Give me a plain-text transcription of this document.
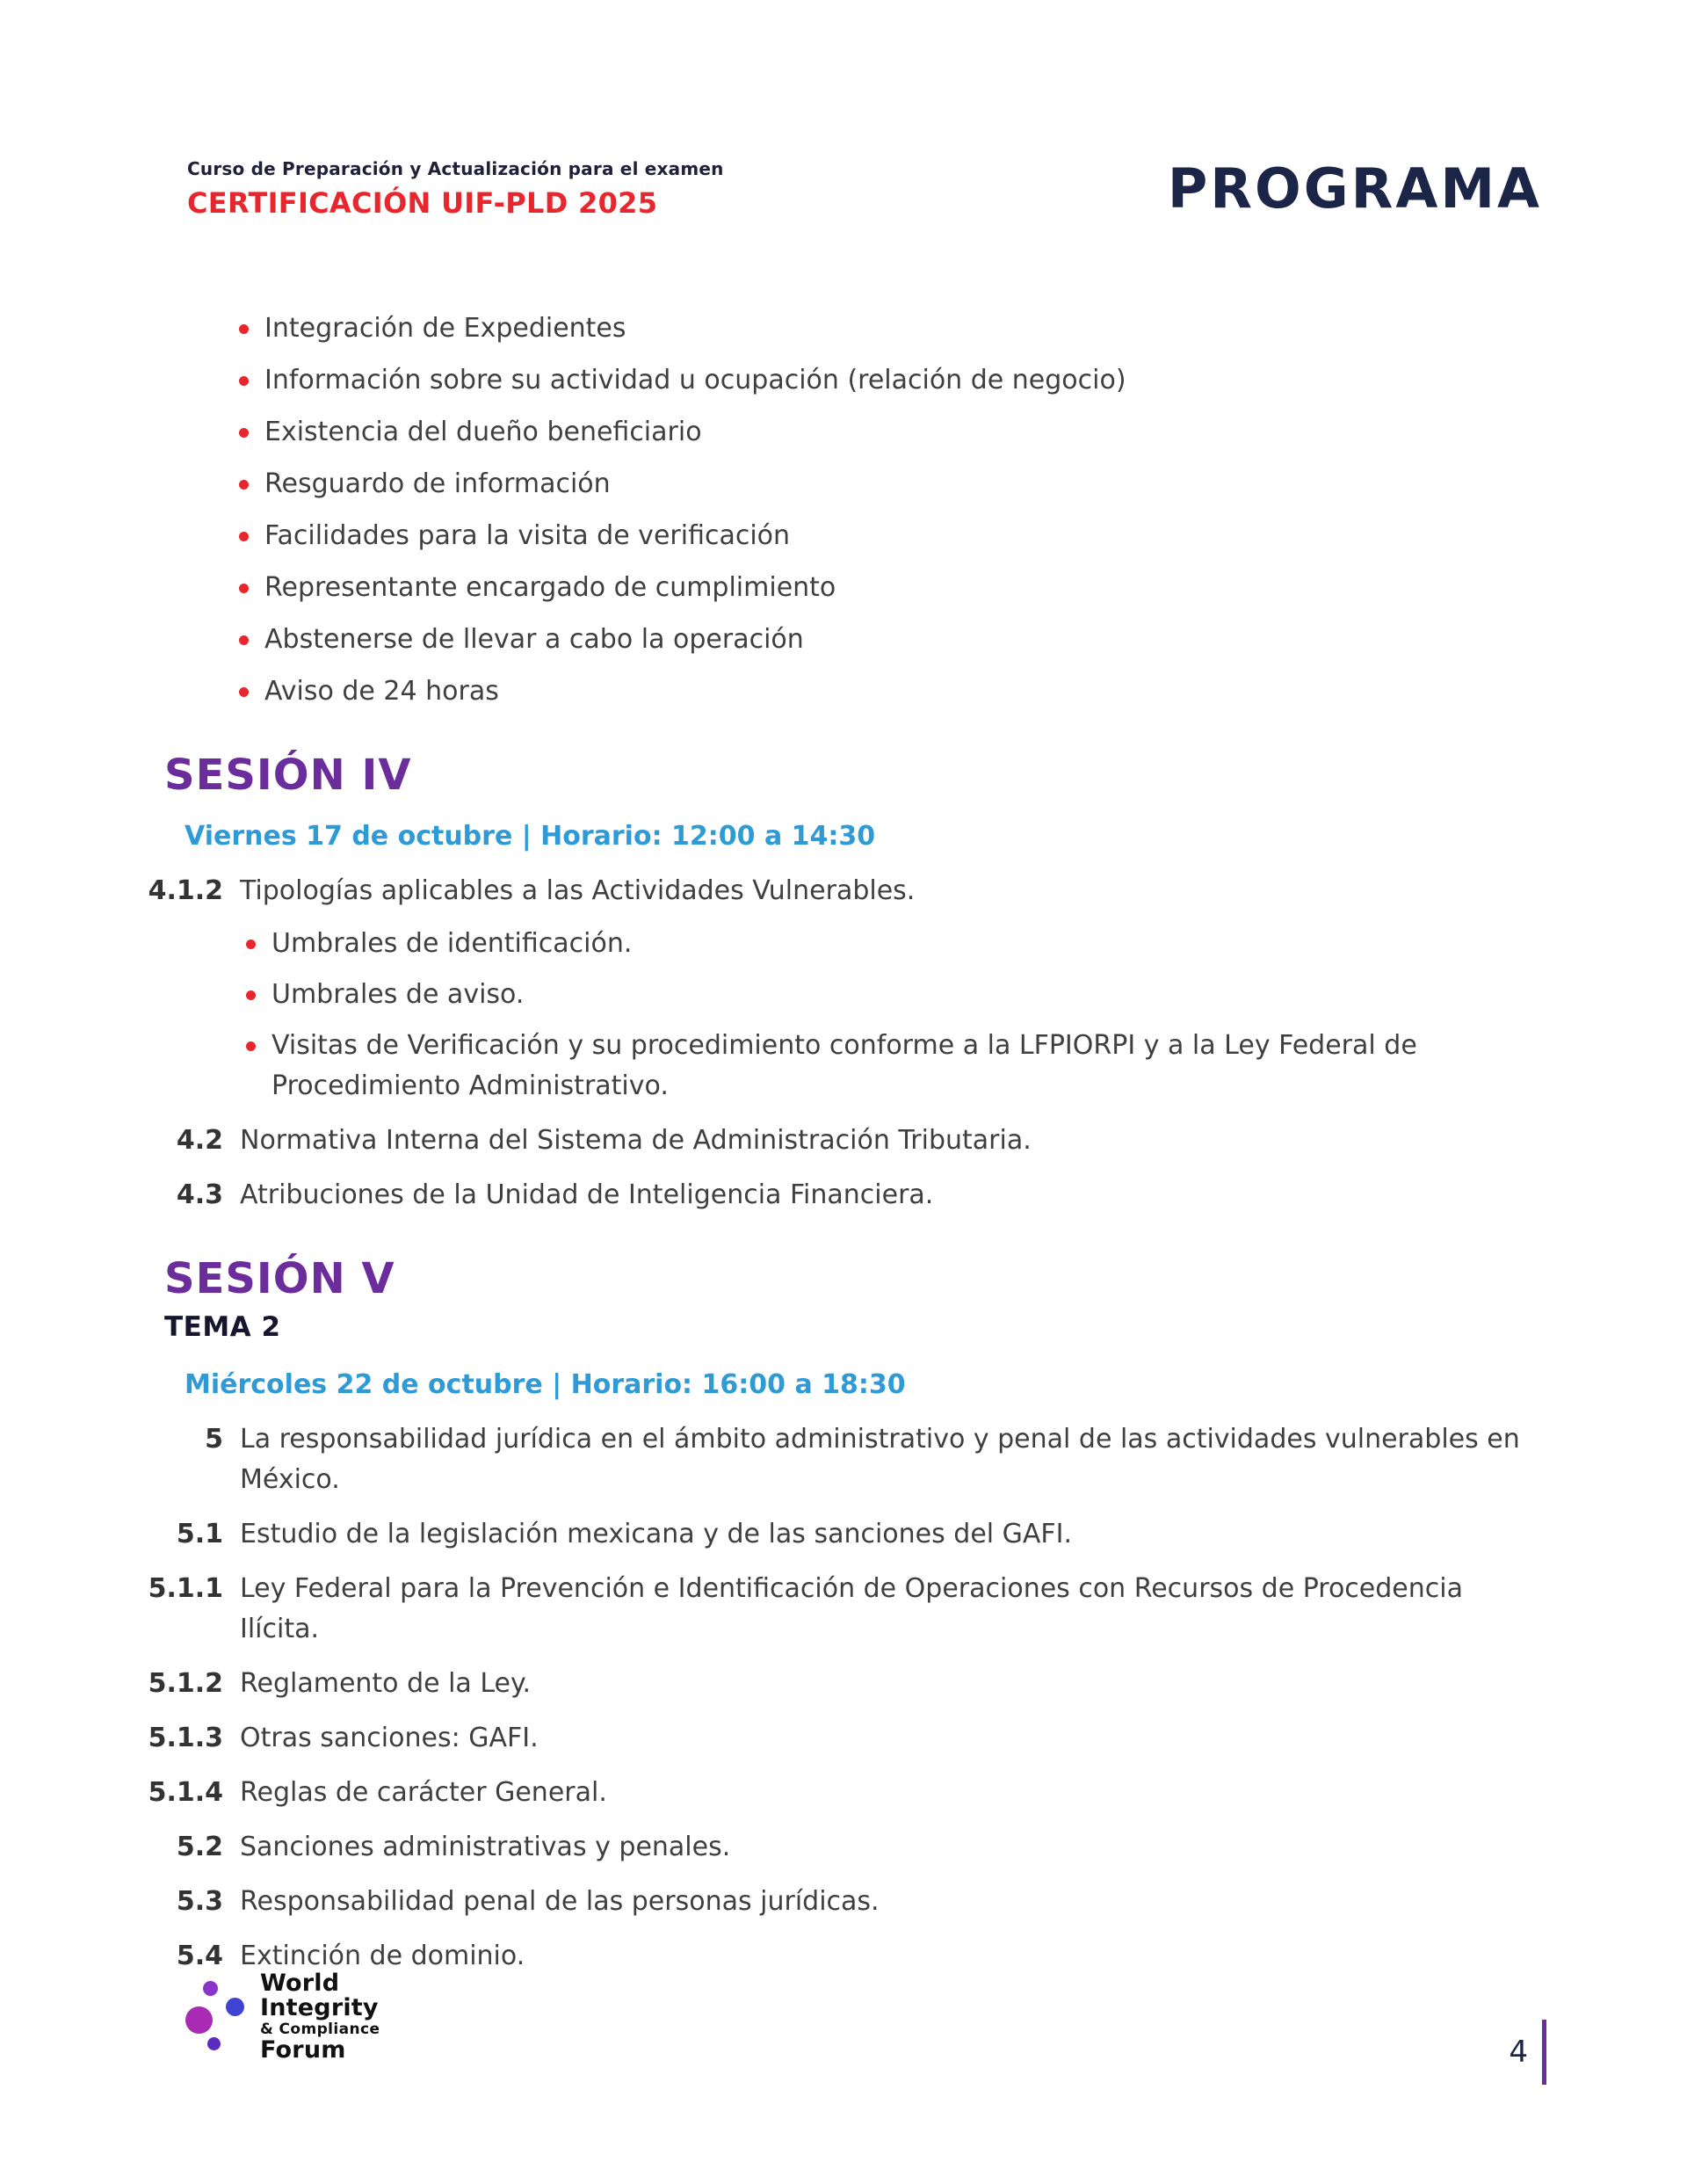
Curso de Preparación y Actualización para el examen
CERTIFICACIÓN UIF-PLD 2025	PROGRAMA
Integración de Expedientes
Información sobre su actividad u ocupación (relación de negocio)
Existencia del dueño beneficiario
Resguardo de información
Facilidades para la visita de verificación
Representante encargado de cumplimiento
Abstenerse de llevar a cabo la operación
Aviso de 24 horas
SESIÓN IV
Viernes 17 de octubre | Horario: 12:00 a 14:30
4.1.2 Tipologías aplicables a las Actividades Vulnerables.
Umbrales de identificación.
Umbrales de aviso.
Visitas de Verificación y su procedimiento conforme a la LFPIORPI y a la Ley Federal de Procedimiento Administrativo.
4.2 Normativa Interna del Sistema de Administración Tributaria.
4.3 Atribuciones de la Unidad de Inteligencia Financiera.
SESIÓN V
TEMA 2
Miércoles 22 de octubre | Horario: 16:00 a 18:30
5 La responsabilidad jurídica en el ámbito administrativo y penal de las actividades vulnerables en México.
5.1 Estudio de la legislación mexicana y de las sanciones del GAFI.
5.1.1 Ley Federal para la Prevención e Identificación de Operaciones con Recursos de Procedencia Ilícita.
5.1.2 Reglamento de la Ley.
5.1.3 Otras sanciones: GAFI.
5.1.4 Reglas de carácter General.
5.2 Sanciones administrativas y penales.
5.3 Responsabilidad penal de las personas jurídicas.
5.4 Extinción de dominio.
World
Integrity
& Compliance
Forum	4
